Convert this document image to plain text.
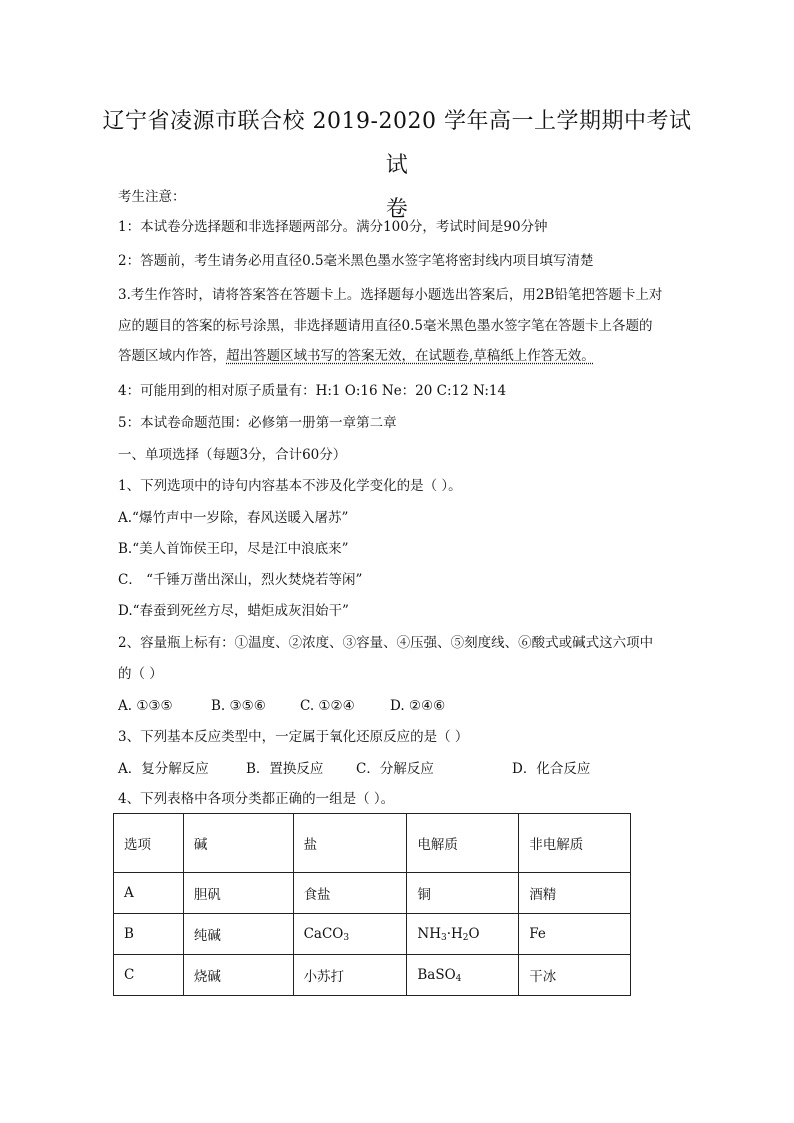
辽宁省凌源市联合校 2019-2020 学年高一上学期期中考试试
卷
考生注意：
1：本试卷分选择题和非选择题两部分。满分100分，考试时间是90分钟
2：答题前，考生请务必用直径0.5毫米黑色墨水签字笔将密封线内项目填写清楚
3.考生作答时，请将答案答在答题卡上。选择题每小题选出答案后，用2B铅笔把答题卡上对
应的题目的答案的标号涂黑，非选择题请用直径0.5毫米黑色墨水签字笔在答题卡上各题的
答题区域内作答，超出答题区域书写的答案无效，在试题卷,草稿纸上作答无效。
4：可能用到的相对原子质量有：H:1 O:16 Ne：20 C:12 N:14
5：本试卷命题范围：必修第一册第一章第二章
一、单项选择（每题3分，合计60分）
1、下列选项中的诗句内容基本不涉及化学变化的是（ ）。
A.“爆竹声中一岁除，春风送暖入屠苏”
B.“美人首饰侯王印，尽是江中浪底来”
C． “千锤万凿出深山，烈火焚烧若等闲”
D.“春蚕到死丝方尽，蜡炬成灰泪始干”
2、容量瓶上标有：①温度、②浓度、③容量、④压强、⑤刻度线、⑥酸式或碱式这六项中
的（ ）
A. ①③⑤	B. ③⑤⑥	C. ①②④	D. ②④⑥
3、下列基本反应类型中，一定属于氧化还原反应的是（ ）
A．复分解反应	B．置换反应 C．分解反应	D．化合反应
4、下列表格中各项分类都正确的一组是（ ）。
选项	碱	盐	电解质	非电解质
A	胆矾	食盐	铜	酒精
B	纯碱	CaCO$_3$	$NH_3\cdot H_2O$	Fe
C	烧碱	小苏打	BaSO$_4$	干冰
